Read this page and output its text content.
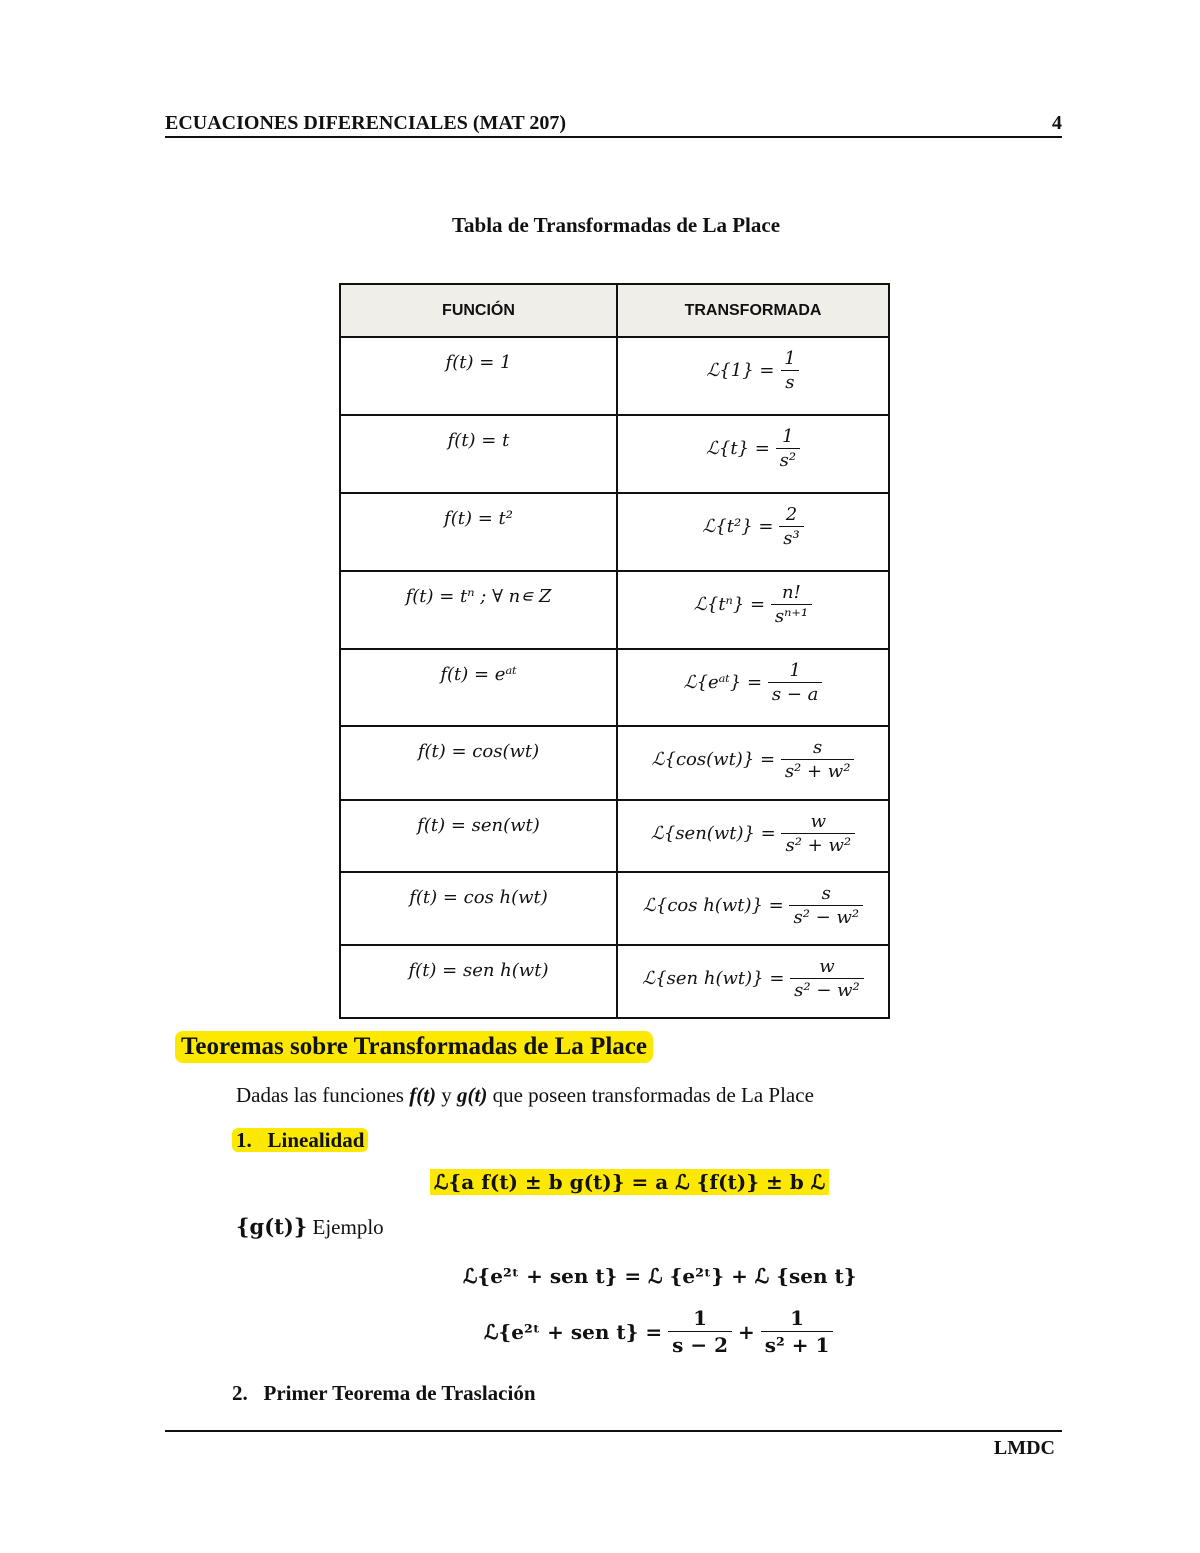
ECUACIONES DIFERENCIALES (MAT 207)	4
Tabla de Transformadas de La Place
FUNCIÓN	TRANSFORMADA
f(t) = 1	ℒ{1} = $\frac{1}{s}$

f(t) = t	ℒ{t} = $\frac{1}{\text{s²}}$

f(t) = t²	ℒ{t²} = $\frac{2}{\text{s³}}$

f(t) = tⁿ ; ∀ n∊ Z	ℒ{tⁿ} = $\frac{n!}{\text{sⁿ⁺¹}}$

f(t) = eᵃᵗ	ℒ{eᵃᵗ} = $\frac{1}{s - a}$

f(t) = cos(wt)	ℒ{cos(wt)} = $\frac{s}{\text{s² + w²}}$

f(t) = sen(wt)	ℒ{sen(wt)} = $\frac{w}{\text{s² + w²}}$

f(t) = cos h(wt)	ℒ{cos $h(wt)\} = \frac{s}{\text{s² − w²}}$

f(t) = sen h(wt)	ℒ{sen $h(wt)\} = \frac{w}{\text{s² − w²}}$
Teoremas sobre Transformadas de La Place
Dadas las funciones f(t) y g(t) que poseen transformadas de La Place
1. Linealidad
ℒ{a f(t) ± b g(t)} = a ℒ {f(t)} ± b ℒ
{g(t)} Ejemplo
ℒ{e²ᵗ + sen t} = ℒ {e²ᵗ} + ℒ {sen t}
ℒ{e²ᵗ + sen $t\} = \frac{1}{s - 2} + \frac{1}{\text{s² + 1}}$
2. Primer Teorema de Traslación
LMDC
